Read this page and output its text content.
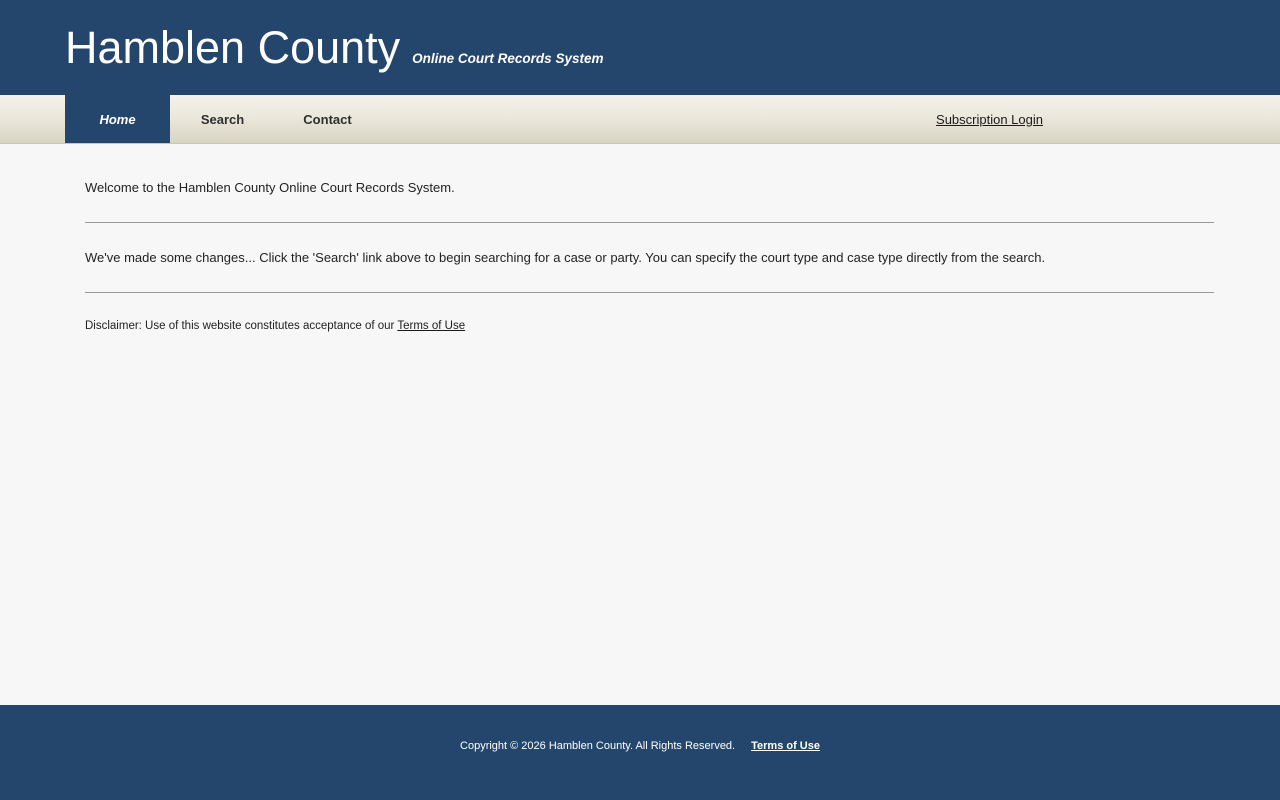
Hamblen County Online Court Records System
Home	Search	Contact	Subscription Login
Welcome to the Hamblen County Online Court Records System.
We've made some changes... Click the 'Search' link above to begin searching for a case or party. You can specify the court type and case type directly from the search.
Disclaimer: Use of this website constitutes acceptance of our Terms of Use
Copyright © 2026 Hamblen County. All Rights Reserved. Terms of Use
